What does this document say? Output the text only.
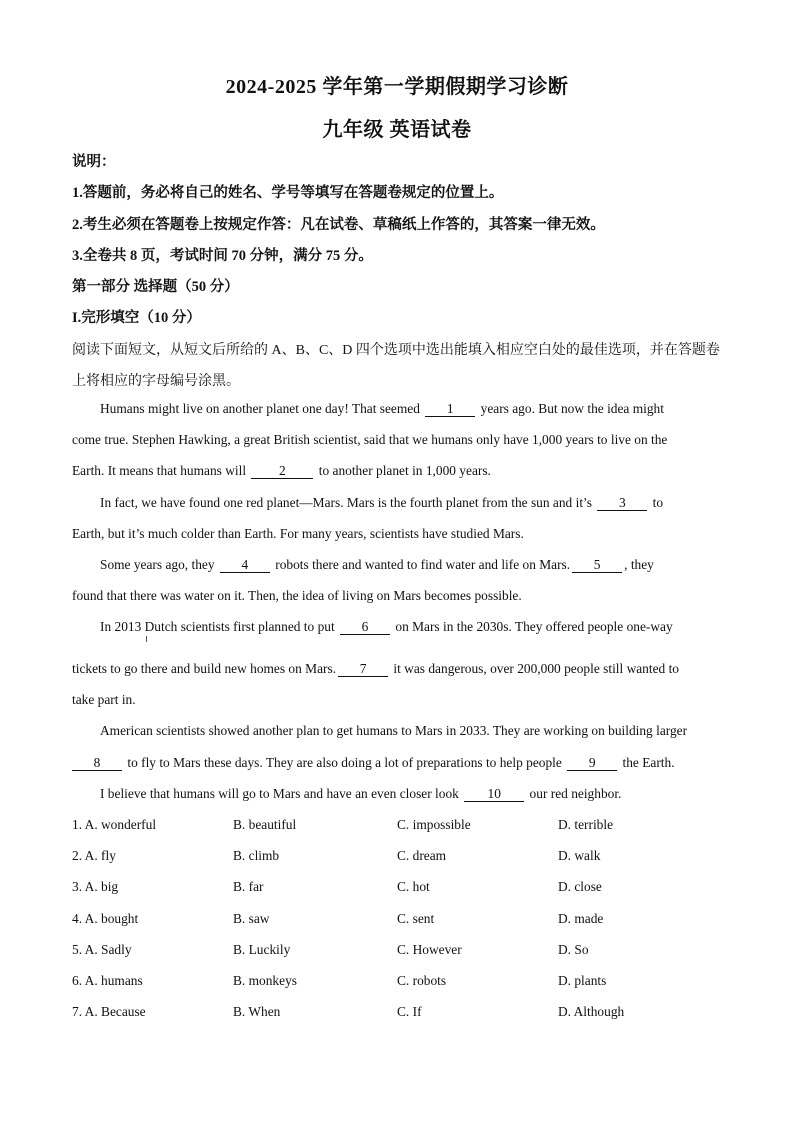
2024-2025 学年第一学期假期学习诊断
九年级 英语试卷
说明：
1.答题前，务必将自己的姓名、学号等填写在答题卷规定的位置上。
2.考生必须在答题卷上按规定作答：凡在试卷、草稿纸上作答的，其答案一律无效。
3.全卷共 8 页，考试时间 70 分钟，满分 75 分。
第一部分 选择题（50 分）
I.完形填空（10 分）
阅读下面短文，从短文后所给的 A、B、C、D 四个选项中选出能填入相应空白处的最佳选项，并在答题卷
上将相应的字母编号涂黑。
Humans might live on another planet one day! That seemed 1 years ago. But now the idea might
come true. Stephen Hawking, a great British scientist, said that we humans only have 1,000 years to live on the
Earth. It means that humans will 2 to another planet in 1,000 years.
In fact, we have found one red planet—Mars. Mars is the fourth planet from the sun and it’s 3 to
Earth, but it’s much colder than Earth. For many years, scientists have studied Mars.
Some years ago, they 4 robots there and wanted to find water and life on Mars. 5 , they
found that there was water on it. Then, the idea of living on Mars becomes possible.
In 2013 Dutch scientists first planned to put 6 on Mars in the 2030s. They offered people one-way
tickets to go there and build new homes on Mars. 7 it was dangerous, over 200,000 people still wanted to
take part in.
American scientists showed another plan to get humans to Mars in 2033. They are working on building larger
8 to fly to Mars these days. They are also doing a lot of preparations to help people 9 the Earth.
I believe that humans will go to Mars and have an even closer look 10 our red neighbor.
1. A. wonderful	B. beautiful	C. impossible	D. terrible
2. A. fly	B. climb	C. dream	D. walk
3. A. big	B. far	C. hot	D. close
4. A. bought	B. saw	C. sent	D. made
5. A. Sadly	B. Luckily	C. However	D. So
6. A. humans	B. monkeys	C. robots	D. plants
7. A. Because	B. When	C. If	D. Although
